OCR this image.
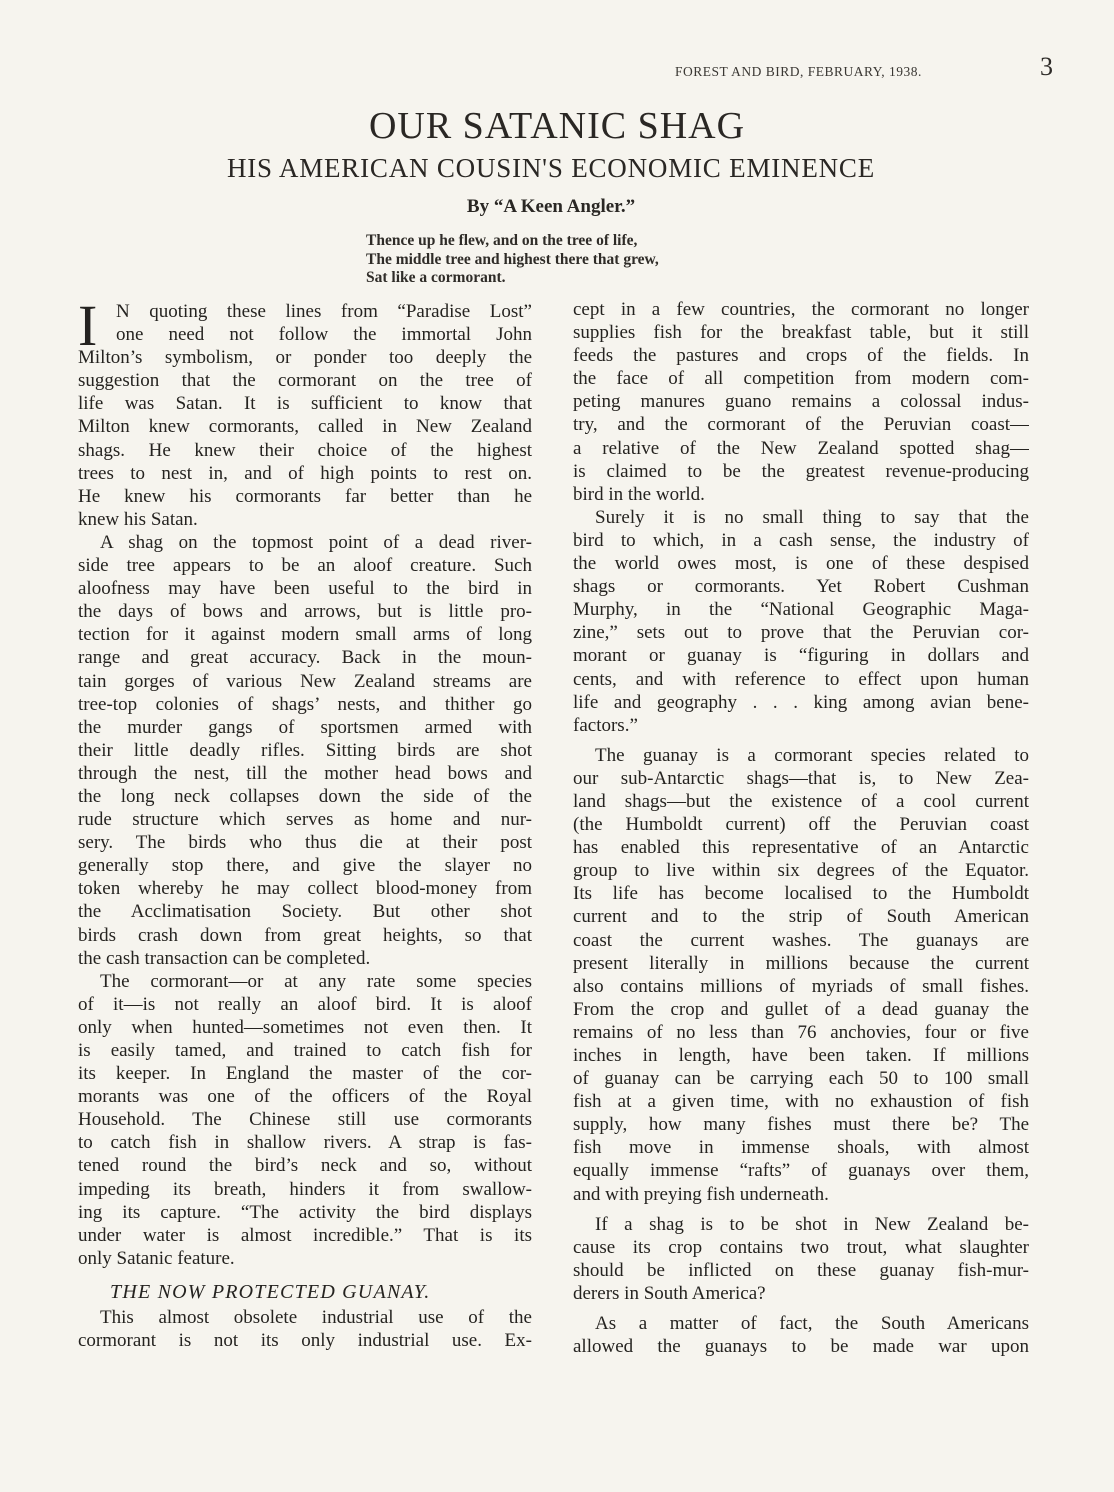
FOREST AND BIRD, FEBRUARY, 1938.	3
OUR SATANIC SHAG
HIS AMERICAN COUSIN'S ECONOMIC EMINENCE
By “A Keen Angler.”
Thence up he flew, and on the tree of life,
The middle tree and highest there that grew,
Sat like a cormorant.
I N quoting these lines from “Paradise Lost”
one need not follow the immortal John
Milton’s symbolism, or ponder too deeply the
suggestion that the cormorant on the tree of
life was Satan. It is sufficient to know that
Milton knew cormorants, called in New Zealand
shags. He knew their choice of the highest
trees to nest in, and of high points to rest on.
He knew his cormorants far better than he
knew his Satan.
A shag on the topmost point of a dead river-
side tree appears to be an aloof creature. Such
aloofness may have been useful to the bird in
the days of bows and arrows, but is little pro-
tection for it against modern small arms of long
range and great accuracy. Back in the moun-
tain gorges of various New Zealand streams are
tree-top colonies of shags’ nests, and thither go
the murder gangs of sportsmen armed with
their little deadly rifles. Sitting birds are shot
through the nest, till the mother head bows and
the long neck collapses down the side of the
rude structure which serves as home and nur-
sery. The birds who thus die at their post
generally stop there, and give the slayer no
token whereby he may collect blood-money from
the Acclimatisation Society. But other shot
birds crash down from great heights, so that
the cash transaction can be completed.
The cormorant—or at any rate some species
of it—is not really an aloof bird. It is aloof
only when hunted—sometimes not even then. It
is easily tamed, and trained to catch fish for
its keeper. In England the master of the cor-
morants was one of the officers of the Royal
Household. The Chinese still use cormorants
to catch fish in shallow rivers. A strap is fas-
tened round the bird’s neck and so, without
impeding its breath, hinders it from swallow-
ing its capture. “The activity the bird displays
under water is almost incredible.” That is its
only Satanic feature.
THE NOW PROTECTED GUANAY.
This almost obsolete industrial use of the
cormorant is not its only industrial use. Ex-
cept in a few countries, the cormorant no longer
supplies fish for the breakfast table, but it still
feeds the pastures and crops of the fields. In
the face of all competition from modern com-
peting manures guano remains a colossal indus-
try, and the cormorant of the Peruvian coast—
a relative of the New Zealand spotted shag—
is claimed to be the greatest revenue-producing
bird in the world.
Surely it is no small thing to say that the
bird to which, in a cash sense, the industry of
the world owes most, is one of these despised
shags or cormorants. Yet Robert Cushman
Murphy, in the “National Geographic Maga-
zine,” sets out to prove that the Peruvian cor-
morant or guanay is “figuring in dollars and
cents, and with reference to effect upon human
life and geography . . . king among avian bene-
factors.”
The guanay is a cormorant species related to
our sub-Antarctic shags—that is, to New Zea-
land shags—but the existence of a cool current
(the Humboldt current) off the Peruvian coast
has enabled this representative of an Antarctic
group to live within six degrees of the Equator.
Its life has become localised to the Humboldt
current and to the strip of South American
coast the current washes. The guanays are
present literally in millions because the current
also contains millions of myriads of small fishes.
From the crop and gullet of a dead guanay the
remains of no less than 76 anchovies, four or five
inches in length, have been taken. If millions
of guanay can be carrying each 50 to 100 small
fish at a given time, with no exhaustion of fish
supply, how many fishes must there be? The
fish move in immense shoals, with almost
equally immense “rafts” of guanays over them,
and with preying fish underneath.
If a shag is to be shot in New Zealand be-
cause its crop contains two trout, what slaughter
should be inflicted on these guanay fish-mur-
derers in South America?
As a matter of fact, the South Americans
allowed the guanays to be made war upon
